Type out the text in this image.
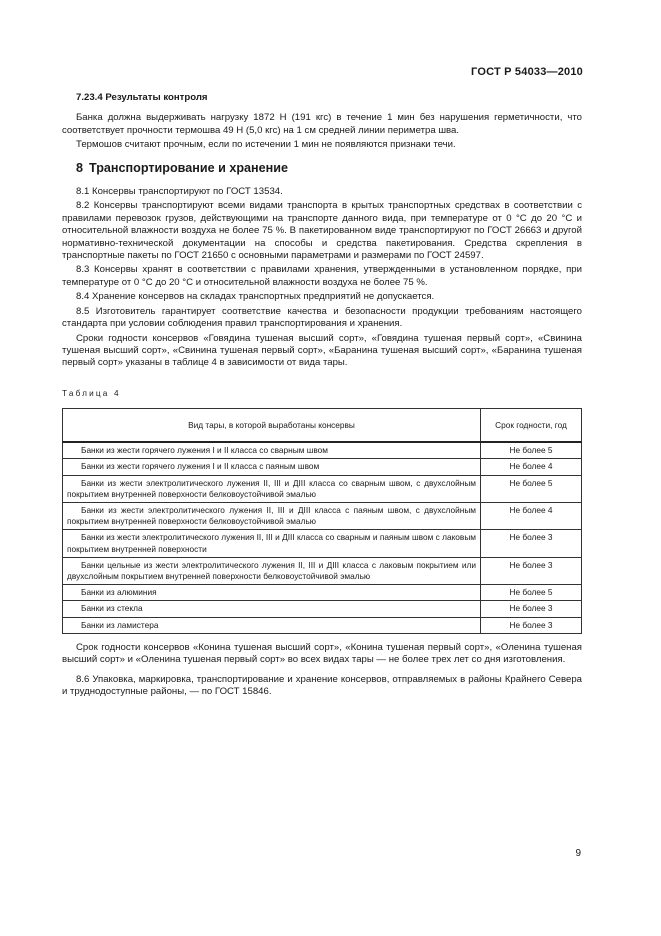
ГОСТ Р 54033—2010
7.23.4 Результаты контроля

Банка должна выдерживать нагрузку 1872 Н (191 кгс) в течение 1 мин без нарушения герметичности, что соответствует прочности термошва 49 Н (5,0 кгс) на 1 см средней линии периметра шва.

Термошов считают прочным, если по истечении 1 мин не появляются признаки течи.

8 Транспортирование и хранение

8.1 Консервы транспортируют по ГОСТ 13534.

8.2 Консервы транспортируют всеми видами транспорта в крытых транспортных средствах в соответствии с правилами перевозок грузов, действующими на транспорте данного вида, при температуре от 0 °С до 20 °С и относительной влажности воздуха не более 75 %. В пакетированном виде транспортируют по ГОСТ 26663 и другой нормативно-технической документации на способы и средства пакетирования. Средства скрепления в транспортные пакеты по ГОСТ 21650 с основными параметрами и размерами по ГОСТ 24597.

8.3 Консервы хранят в соответствии с правилами хранения, утвержденными в установленном порядке, при температуре от 0 °С до 20 °С и относительной влажности воздуха не более 75 %.

8.4 Хранение консервов на складах транспортных предприятий не допускается.

8.5 Изготовитель гарантирует соответствие качества и безопасности продукции требованиям настоящего стандарта при условии соблюдения правил транспортирования и хранения.

Сроки годности консервов «Говядина тушеная высший сорт», «Говядина тушеная первый сорт», «Свинина тушеная высший сорт», «Свинина тушеная первый сорт», «Баранина тушеная высший сорт», «Баранина тушеная первый сорт» указаны в таблице 4 в зависимости от вида тары.

Таблица 4
Вид тары, в которой выработаны консервы	Срок годности, год
Банки из жести горячего лужения I и II класса со сварным швом	Не более 5
Банки из жести горячего лужения I и II класса с паяным швом	Не более 4
Банки из жести электролитического лужения II, III и ДIII класса со сварным швом, с двухслойным покрытием внутренней поверхности белковоустойчивой эмалью	Не более 5
Банки из жести электролитического лужения II, III и ДIII класса с паяным швом, с двухслойным покрытием внутренней поверхности белковоустойчивой эмалью	Не более 4
Банки из жести электролитического лужения II, III и ДIII класса со сварным и паяным швом с лаковым покрытием внутренней поверхности	Не более 3
Банки цельные из жести электролитического лужения II, III и ДIII класса с лаковым покрытием или двухслойным покрытием внутренней поверхности белковоустойчивой эмалью	Не более 3
Банки из алюминия	Не более 5
Банки из стекла	Не более 3
Банки из ламистера	Не более 3

Срок годности консервов «Конина тушеная высший сорт», «Конина тушеная первый сорт», «Оленина тушеная высший сорт» и «Оленина тушеная первый сорт» во всех видах тары — не более трех лет со дня изготовления.

8.6 Упаковка, маркировка, транспортирование и хранение консервов, отправляемых в районы Крайнего Севера и труднодоступные районы, — по ГОСТ 15846.

9
